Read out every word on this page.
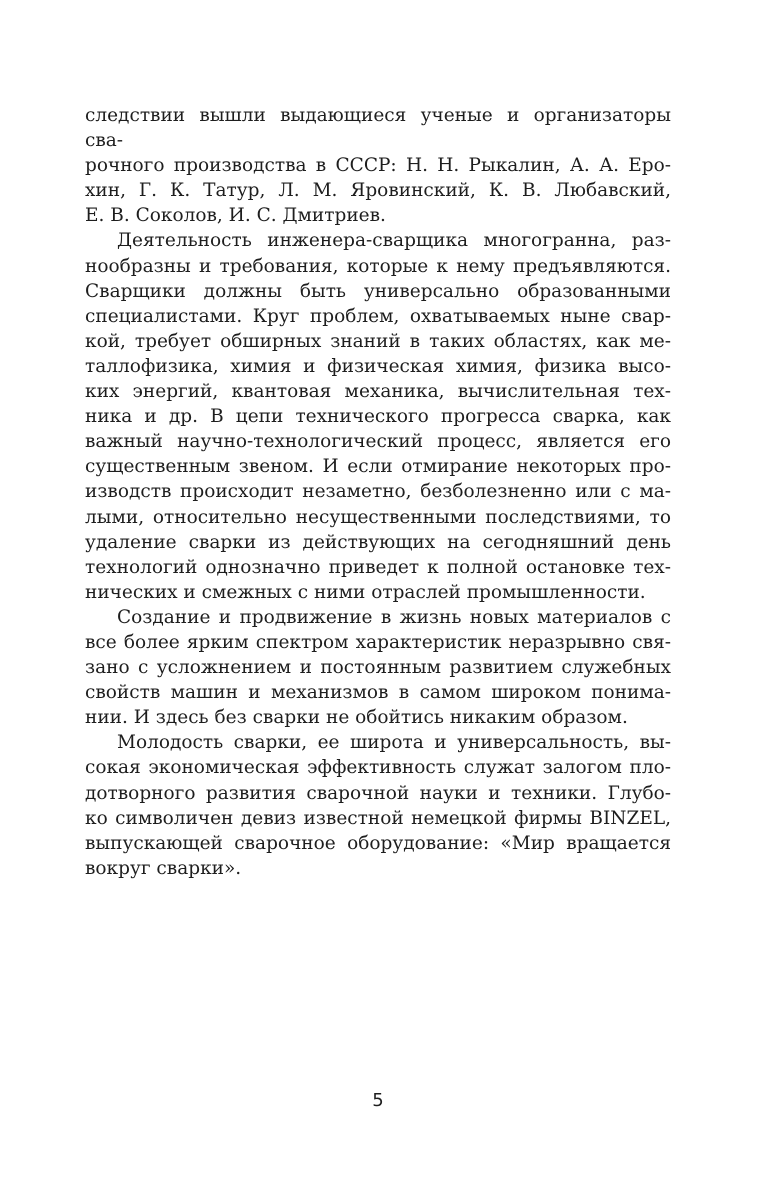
следствии вышли выдающиеся ученые и организаторы сва-
рочного производства в СССР: Н. Н. Рыкалин, А. А. Еро-
хин, Г. К. Татур, Л. М. Яровинский, К. В. Любавский,
Е. В. Соколов, И. С. Дмитриев.
Деятельность инженера-сварщика многогранна, раз-
нообразны и требования, которые к нему предъявляются.
Сварщики должны быть универсально образованными
специалистами. Круг проблем, охватываемых ныне свар-
кой, требует обширных знаний в таких областях, как ме-
таллофизика, химия и физическая химия, физика высо-
ких энергий, квантовая механика, вычислительная тех-
ника и др. В цепи технического прогресса сварка, как
важный научно-технологический процесс, является его
существенным звеном. И если отмирание некоторых про-
изводств происходит незаметно, безболезненно или с ма-
лыми, относительно несущественными последствиями, то
удаление сварки из действующих на сегодняшний день
технологий однозначно приведет к полной остановке тех-
нических и смежных с ними отраслей промышленности.
Создание и продвижение в жизнь новых материалов с
все более ярким спектром характеристик неразрывно свя-
зано с усложнением и постоянным развитием служебных
свойств машин и механизмов в самом широком понима-
нии. И здесь без сварки не обойтись никаким образом.
Молодость сварки, ее широта и универсальность, вы-
сокая экономическая эффективность служат залогом пло-
дотворного развития сварочной науки и техники. Глубо-
ко символичен девиз известной немецкой фирмы BINZEL,
выпускающей сварочное оборудование: «Мир вращается
вокруг сварки».
5
